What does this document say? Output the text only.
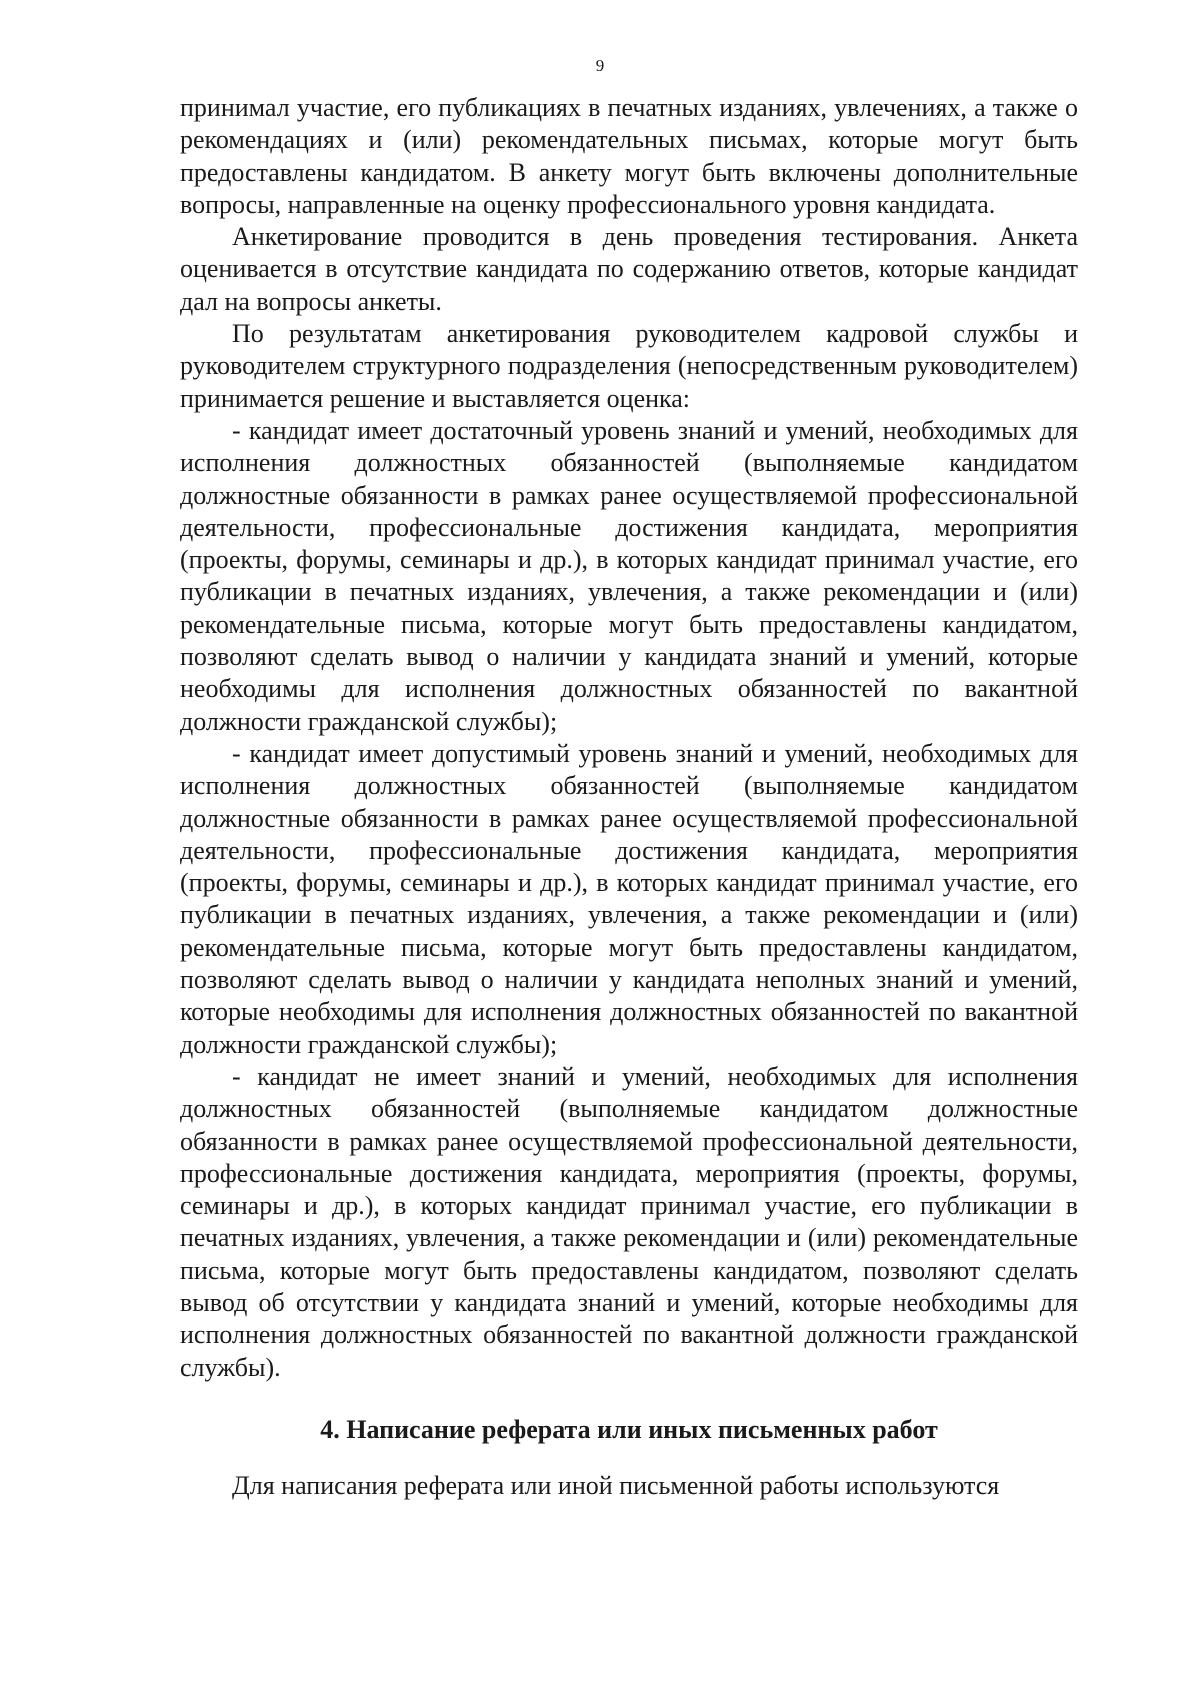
9

принимал участие, его публикациях в печатных изданиях, увлечениях, а также о рекомендациях и (или) рекомендательных письмах, которые могут быть предоставлены кандидатом. В анкету могут быть включены дополнительные вопросы, направленные на оценку профессионального уровня кандидата.

Анкетирование проводится в день проведения тестирования. Анкета оценивается в отсутствие кандидата по содержанию ответов, которые кандидат дал на вопросы анкеты.

По результатам анкетирования руководителем кадровой службы и руководителем структурного подразделения (непосредственным руководителем) принимается решение и выставляется оценка:

- кандидат имеет достаточный уровень знаний и умений, необходимых для исполнения должностных обязанностей (выполняемые кандидатом должностные обязанности в рамках ранее осуществляемой профессиональной деятельности, профессиональные достижения кандидата, мероприятия (проекты, форумы, семинары и др.), в которых кандидат принимал участие, его публикации в печатных изданиях, увлечения, а также рекомендации и (или) рекомендательные письма, которые могут быть предоставлены кандидатом, позволяют сделать вывод о наличии у кандидата знаний и умений, которые необходимы для исполнения должностных обязанностей по вакантной должности гражданской службы);

- кандидат имеет допустимый уровень знаний и умений, необходимых для исполнения должностных обязанностей (выполняемые кандидатом должностные обязанности в рамках ранее осуществляемой профессиональной деятельности, профессиональные достижения кандидата, мероприятия (проекты, форумы, семинары и др.), в которых кандидат принимал участие, его публикации в печатных изданиях, увлечения, а также рекомендации и (или) рекомендательные письма, которые могут быть предоставлены кандидатом, позволяют сделать вывод о наличии у кандидата неполных знаний и умений, которые необходимы для исполнения должностных обязанностей по вакантной должности гражданской службы);

- кандидат не имеет знаний и умений, необходимых для исполнения должностных обязанностей (выполняемые кандидатом должностные обязанности в рамках ранее осуществляемой профессиональной деятельности, профессиональные достижения кандидата, мероприятия (проекты, форумы, семинары и др.), в которых кандидат принимал участие, его публикации в печатных изданиях, увлечения, а также рекомендации и (или) рекомендательные письма, которые могут быть предоставлены кандидатом, позволяют сделать вывод об отсутствии у кандидата знаний и умений, которые необходимы для исполнения должностных обязанностей по вакантной должности гражданской службы).

4. Написание реферата или иных письменных работ

Для написания реферата или иной письменной работы используются
